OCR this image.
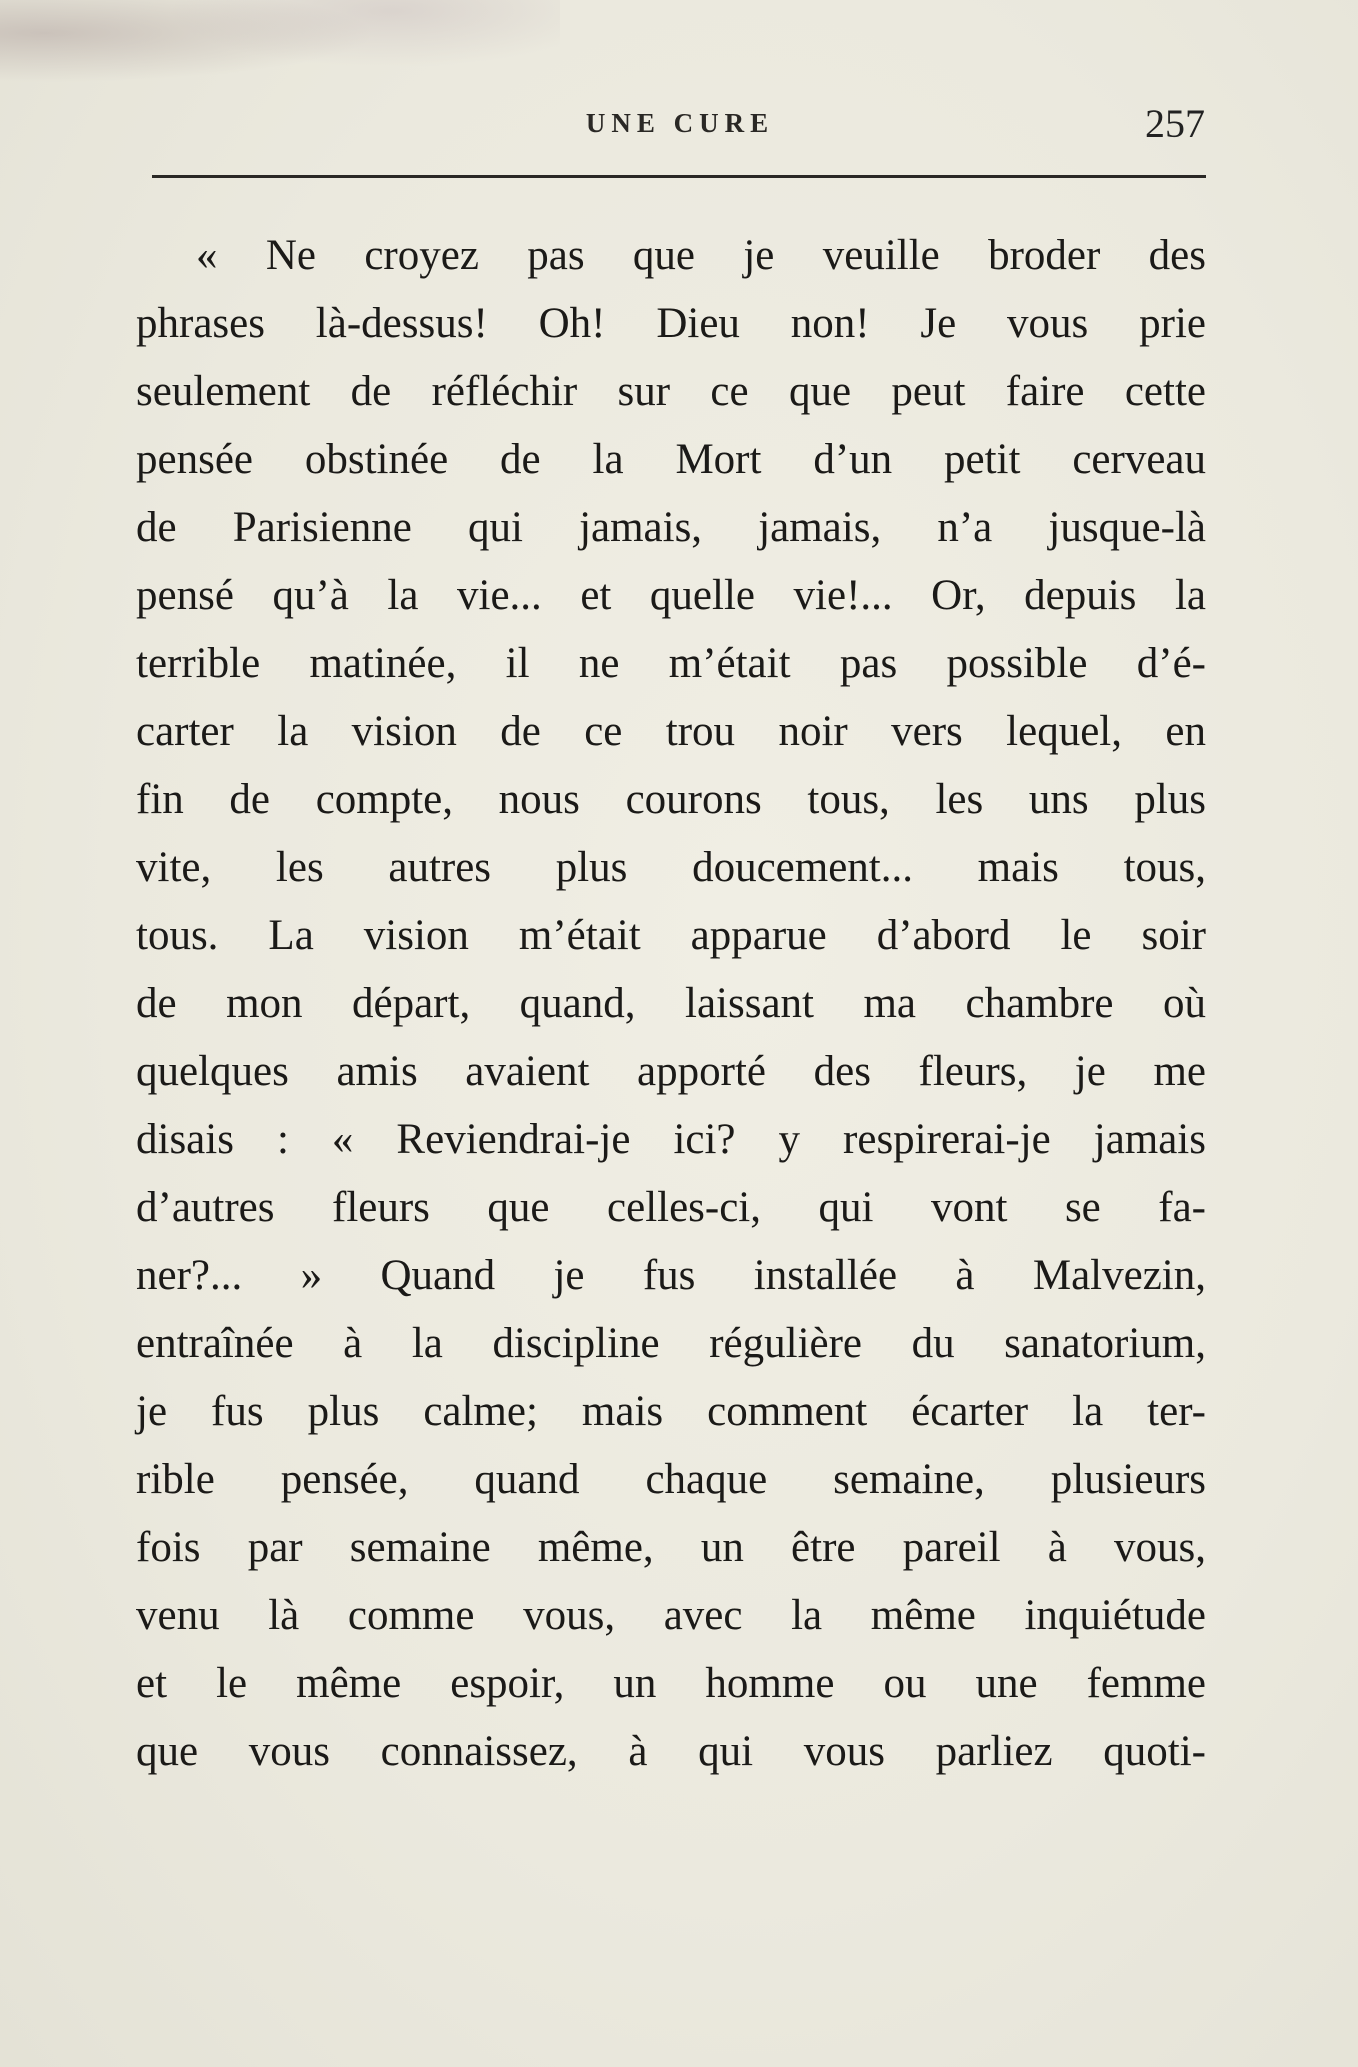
UNE CURE	257
« Ne croyez pas que je veuille broder des
phrases là-dessus! Oh! Dieu non! Je vous prie
seulement de réfléchir sur ce que peut faire cette
pensée obstinée de la Mort d’un petit cerveau
de Parisienne qui jamais, jamais, n’a jusque-là
pensé qu’à la vie... et quelle vie!... Or, depuis la
terrible matinée, il ne m’était pas possible d’é-
carter la vision de ce trou noir vers lequel, en
fin de compte, nous courons tous, les uns plus
vite, les autres plus doucement... mais tous,
tous. La vision m’était apparue d’abord le soir
de mon départ, quand, laissant ma chambre où
quelques amis avaient apporté des fleurs, je me
disais : « Reviendrai-je ici? y respirerai-je jamais
d’autres fleurs que celles-ci, qui vont se fa-
ner?... » Quand je fus installée à Malvezin,
entraînée à la discipline régulière du sanatorium,
je fus plus calme; mais comment écarter la ter-
rible pensée, quand chaque semaine, plusieurs
fois par semaine même, un être pareil à vous,
venu là comme vous, avec la même inquiétude
et le même espoir, un homme ou une femme
que vous connaissez, à qui vous parliez quoti-
